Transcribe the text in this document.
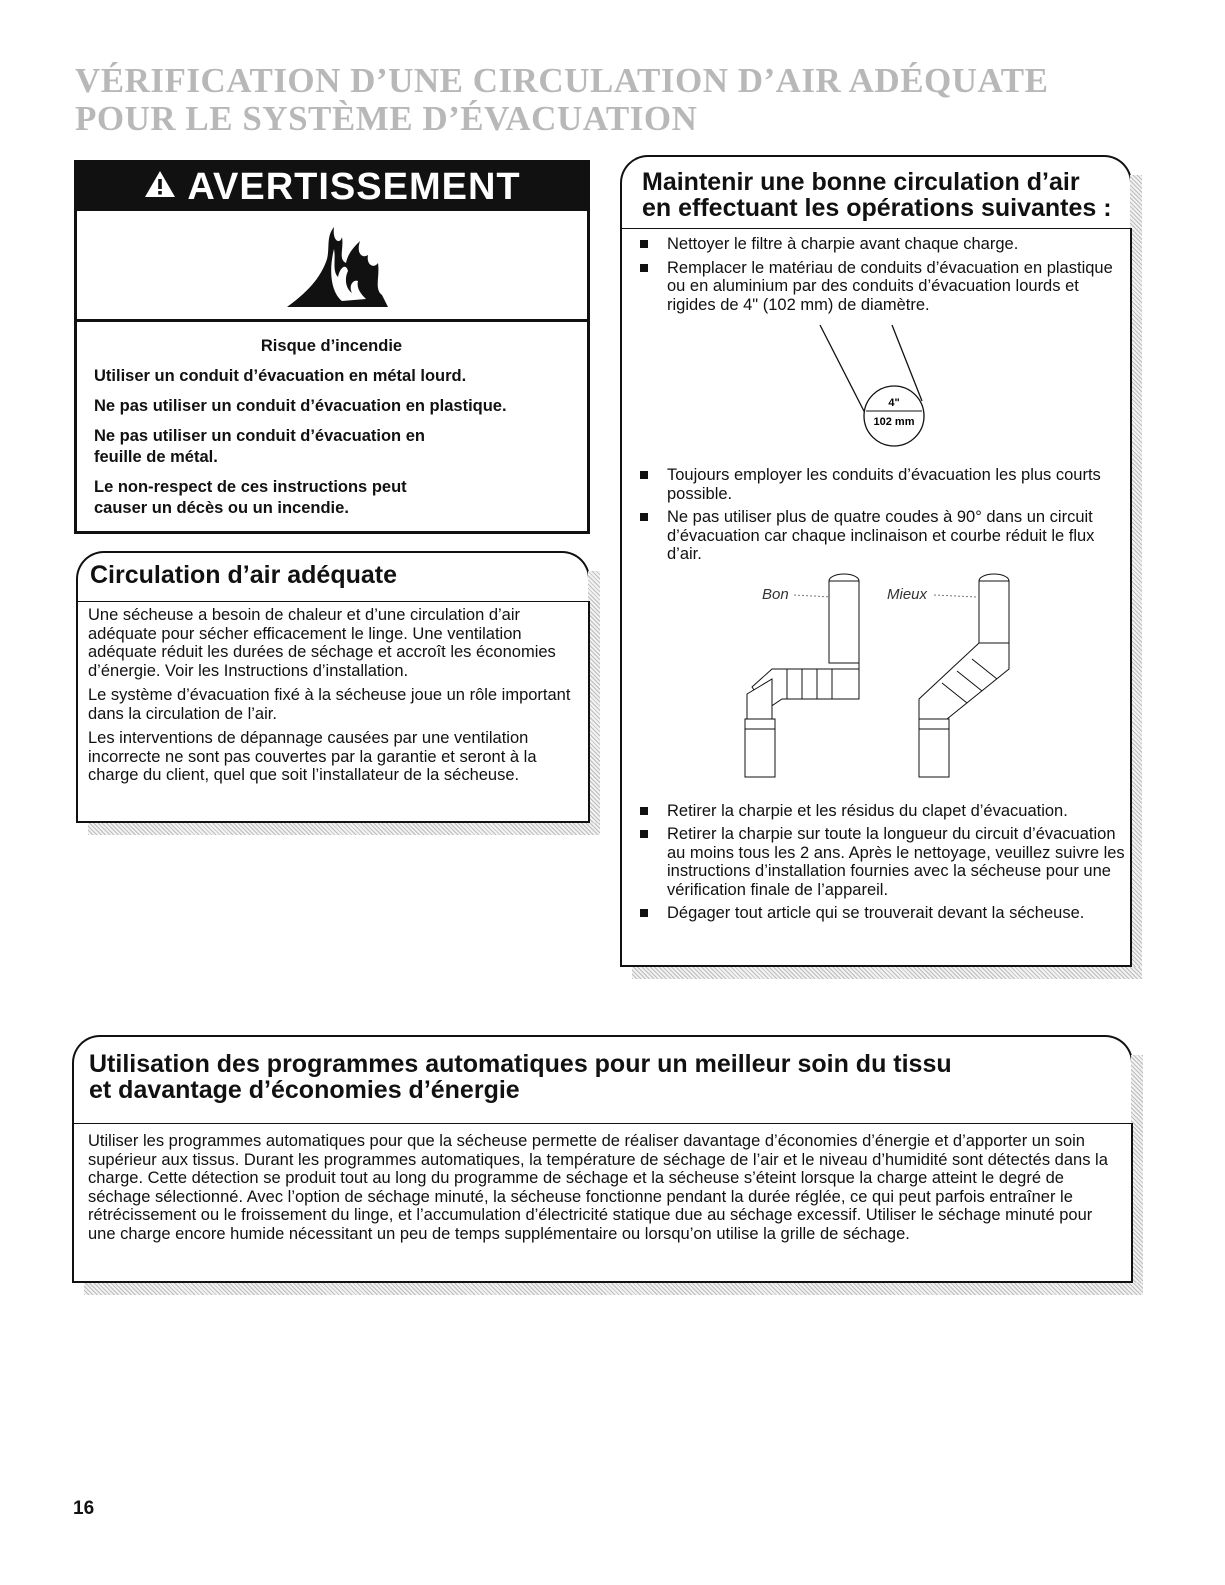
VÉRIFICATION D’UNE CIRCULATION D’AIR ADÉQUATE POUR LE SYSTÈME D’ÉVACUATION
AVERTISSEMENT

Risque d’incendie

Utiliser un conduit d’évacuation en métal lourd.

Ne pas utiliser un conduit d’évacuation en plastique.

Ne pas utiliser un conduit d’évacuation en feuille de métal.

Le non-respect de ces instructions peut causer un décès ou un incendie.

Circulation d’air adéquate

Une sécheuse a besoin de chaleur et d’une circulation d’air adéquate pour sécher efficacement le linge. Une ventilation adéquate réduit les durées de séchage et accroît les économies d’énergie. Voir les Instructions d’installation.

Le système d’évacuation fixé à la sécheuse joue un rôle important dans la circulation de l’air.

Les interventions de dépannage causées par une ventilation incorrecte ne sont pas couvertes par la garantie et seront à la charge du client, quel que soit l’installateur de la sécheuse.

Maintenir une bonne circulation d’air
en effectuant les opérations suivantes :
Nettoyer le filtre à charpie avant chaque charge.
Remplacer le matériau de conduits d’évacuation en plastique ou en aluminium par des conduits d’évacuation lourds et rigides de 4" (102 mm) de diamètre.
4"
102 mm
Toujours employer les conduits d’évacuation les plus courts possible.
Ne pas utiliser plus de quatre coudes à 90° dans un circuit d’évacuation car chaque inclinaison et courbe réduit le flux d’air.
Bon	Mieux
Retirer la charpie et les résidus du clapet d’évacuation.
Retirer la charpie sur toute la longueur du circuit d’évacuation au moins tous les 2 ans. Après le nettoyage, veuillez suivre les instructions d’installation fournies avec la sécheuse pour une vérification finale de l’appareil.
Dégager tout article qui se trouverait devant la sécheuse.
Utilisation des programmes automatiques pour un meilleur soin du tissu
et davantage d’économies d’énergie

Utiliser les programmes automatiques pour que la sécheuse permette de réaliser davantage d’économies d’énergie et d’apporter un soin supérieur aux tissus. Durant les programmes automatiques, la température de séchage de l’air et le niveau d’humidité sont détectés dans la charge. Cette détection se produit tout au long du programme de séchage et la sécheuse s’éteint lorsque la charge atteint le degré de séchage sélectionné. Avec l’option de séchage minuté, la sécheuse fonctionne pendant la durée réglée, ce qui peut parfois entraîner le rétrécissement ou le froissement du linge, et l’accumulation d’électricité statique due au séchage excessif. Utiliser le séchage minuté pour une charge encore humide nécessitant un peu de temps supplémentaire ou lorsqu’on utilise la grille de séchage.

16
